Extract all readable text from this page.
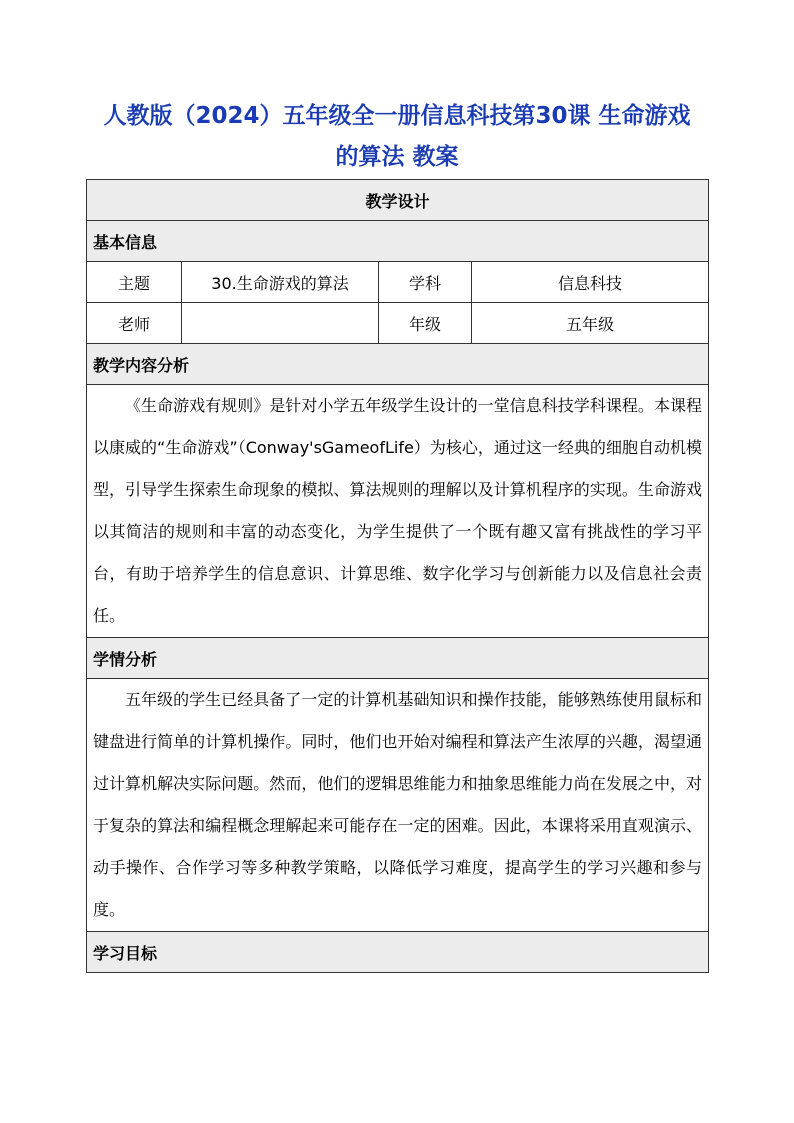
人教版（2024）五年级全一册信息科技第30课 生命游戏的算法 教案
教学设计			
基本信息			
主题	30.生命游戏的算法	学科	信息科技
老师		年级	五年级
教学内容分析			
《生命游戏有规则》是针对小学五年级学生设计的一堂信息科技学科课程。本课程以康威的“生命游戏”（Conway'sGameofLife）为核心，通过这一经典的细胞自动机模型，引导学生探索生命现象的模拟、算法规则的理解以及计算机程序的实现。生命游戏以其简洁的规则和丰富的动态变化，为学生提供了一个既有趣又富有挑战性的学习平台，有助于培养学生的信息意识、计算思维、数字化学习与创新能力以及信息社会责任。			
学情分析			
五年级的学生已经具备了一定的计算机基础知识和操作技能，能够熟练使用鼠标和键盘进行简单的计算机操作。同时，他们也开始对编程和算法产生浓厚的兴趣，渴望通过计算机解决实际问题。然而，他们的逻辑思维能力和抽象思维能力尚在发展之中，对于复杂的算法和编程概念理解起来可能存在一定的困难。因此，本课将采用直观演示、动手操作、合作学习等多种教学策略，以降低学习难度，提高学生的学习兴趣和参与度。			
学习目标			
